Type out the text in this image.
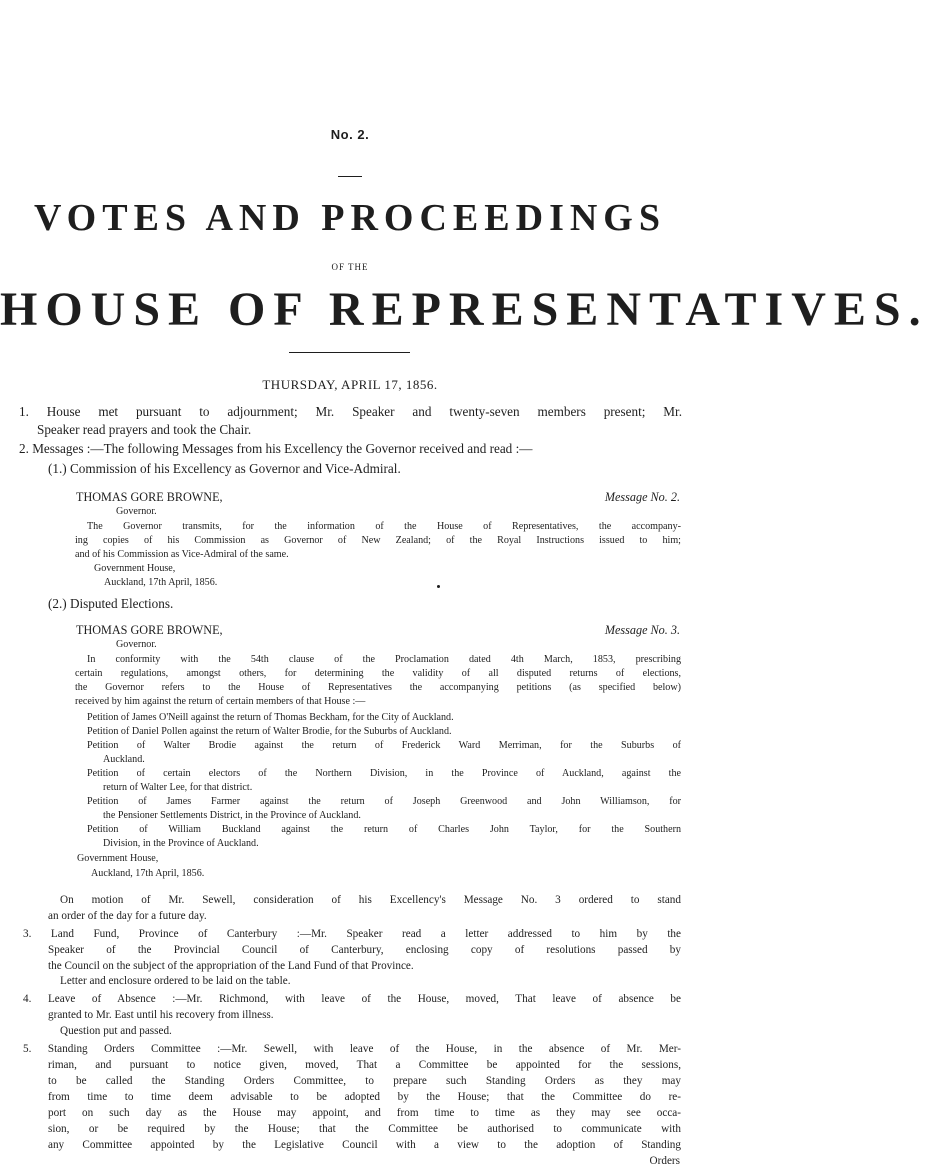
No. 2.
VOTES AND PROCEEDINGS
OF THE
HOUSE OF REPRESENTATIVES.
THURSDAY, APRIL 17, 1856.
1. House met pursuant to adjournment; Mr. Speaker and twenty-seven members present; Mr.
Speaker read prayers and took the Chair.
2. Messages :—The following Messages from his Excellency the Governor received and read :—
(1.) Commission of his Excellency as Governor and Vice-Admiral.
THOMAS GORE BROWNE,	Message No. 2.
Governor.
The Governor transmits, for the information of the House of Representatives, the accompany-
ing copies of his Commission as Governor of New Zealand; of the Royal Instructions issued to him;
and of his Commission as Vice-Admiral of the same.
Government House,
Auckland, 17th April, 1856.
(2.) Disputed Elections.
THOMAS GORE BROWNE,	Message No. 3.
Governor.
In conformity with the 54th clause of the Proclamation dated 4th March, 1853, prescribing
certain regulations, amongst others, for determining the validity of all disputed returns of elections,
the Governor refers to the House of Representatives the accompanying petitions (as specified below)
received by him against the return of certain members of that House :—
Petition of James O'Neill against the return of Thomas Beckham, for the City of Auckland.
Petition of Daniel Pollen against the return of Walter Brodie, for the Suburbs of Auckland.
Petition of Walter Brodie against the return of Frederick Ward Merriman, for the Suburbs of
Auckland.
Petition of certain electors of the Northern Division, in the Province of Auckland, against the
return of Walter Lee, for that district.
Petition of James Farmer against the return of Joseph Greenwood and John Williamson, for
the Pensioner Settlements District, in the Province of Auckland.
Petition of William Buckland against the return of Charles John Taylor, for the Southern
Division, in the Province of Auckland.
Government House,
Auckland, 17th April, 1856.
On motion of Mr. Sewell, consideration of his Excellency's Message No. 3 ordered to stand
an order of the day for a future day.
3. Land Fund, Province of Canterbury :—Mr. Speaker read a letter addressed to him by the
Speaker of the Provincial Council of Canterbury, enclosing copy of resolutions passed by
the Council on the subject of the appropriation of the Land Fund of that Province.
Letter and enclosure ordered to be laid on the table.
4. Leave of Absence :—Mr. Richmond, with leave of the House, moved, That leave of absence be
granted to Mr. East until his recovery from illness.
Question put and passed.
5. Standing Orders Committee :—Mr. Sewell, with leave of the House, in the absence of Mr. Mer-
riman, and pursuant to notice given, moved, That a Committee be appointed for the sessions,
to be called the Standing Orders Committee, to prepare such Standing Orders as they may
from time to time deem advisable to be adopted by the House; that the Committee do re-
port on such day as the House may appoint, and from time to time as they may see occa-
sion, or be required by the House; that the Committee be authorised to communicate with
any Committee appointed by the Legislative Council with a view to the adoption of Standing
Orders
